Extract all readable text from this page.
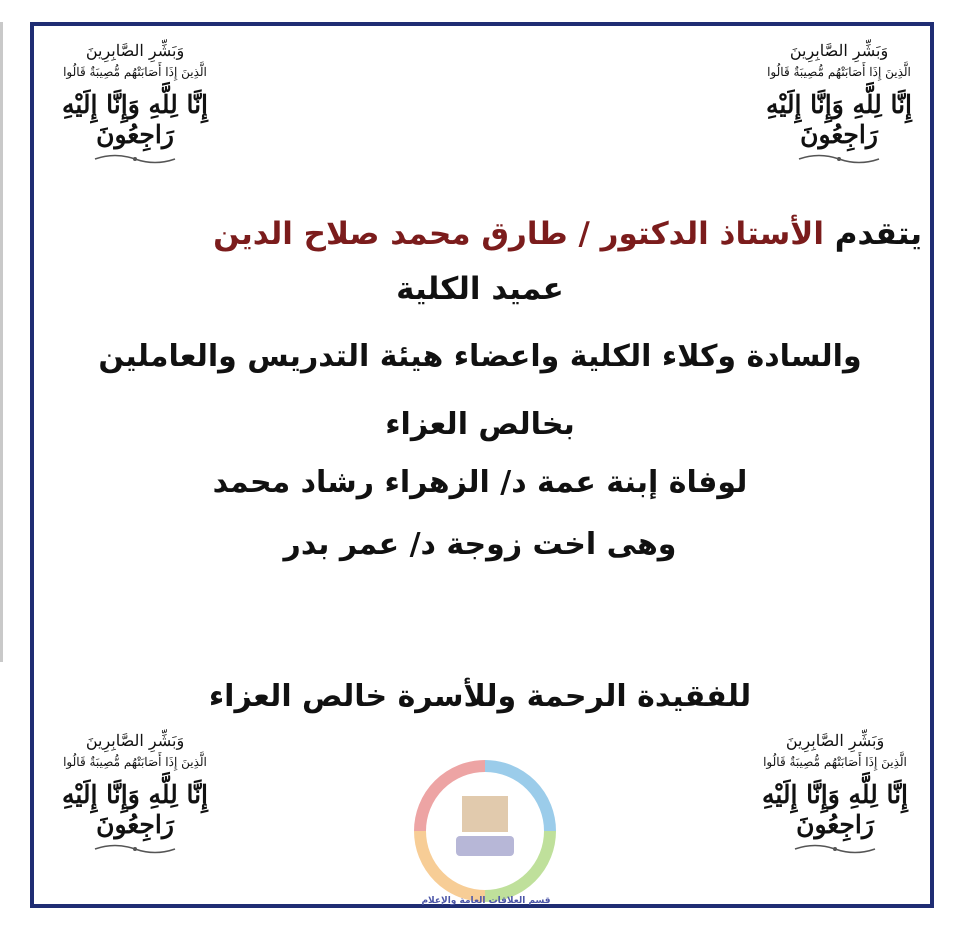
وَبَشِّرِ الصَّابِرِينَ
الَّذِينَ إِذَا أَصَابَتْهُم مُّصِيبَةٌ قَالُوا
إِنَّا لِلَّهِ وَإِنَّا إِلَيْهِ رَاجِعُونَ
وَبَشِّرِ الصَّابِرِينَ
الَّذِينَ إِذَا أَصَابَتْهُم مُّصِيبَةٌ قَالُوا
إِنَّا لِلَّهِ وَإِنَّا إِلَيْهِ رَاجِعُونَ
وَبَشِّرِ الصَّابِرِينَ
الَّذِينَ إِذَا أَصَابَتْهُم مُّصِيبَةٌ قَالُوا
إِنَّا لِلَّهِ وَإِنَّا إِلَيْهِ رَاجِعُونَ
وَبَشِّرِ الصَّابِرِينَ
الَّذِينَ إِذَا أَصَابَتْهُم مُّصِيبَةٌ قَالُوا
إِنَّا لِلَّهِ وَإِنَّا إِلَيْهِ رَاجِعُونَ
يتقدم الأستاذ الدكتور / طارق محمد صلاح الدين
عميد الكلية
والسادة وكلاء الكلية واعضاء هيئة التدريس والعاملين
بخالص العزاء
لوفاة إبنة عمة د/ الزهراء رشاد محمد
وهى اخت زوجة د/ عمر بدر
للفقيدة الرحمة وللأسرة خالص العزاء
قسم العلاقات العامة والإعلام
